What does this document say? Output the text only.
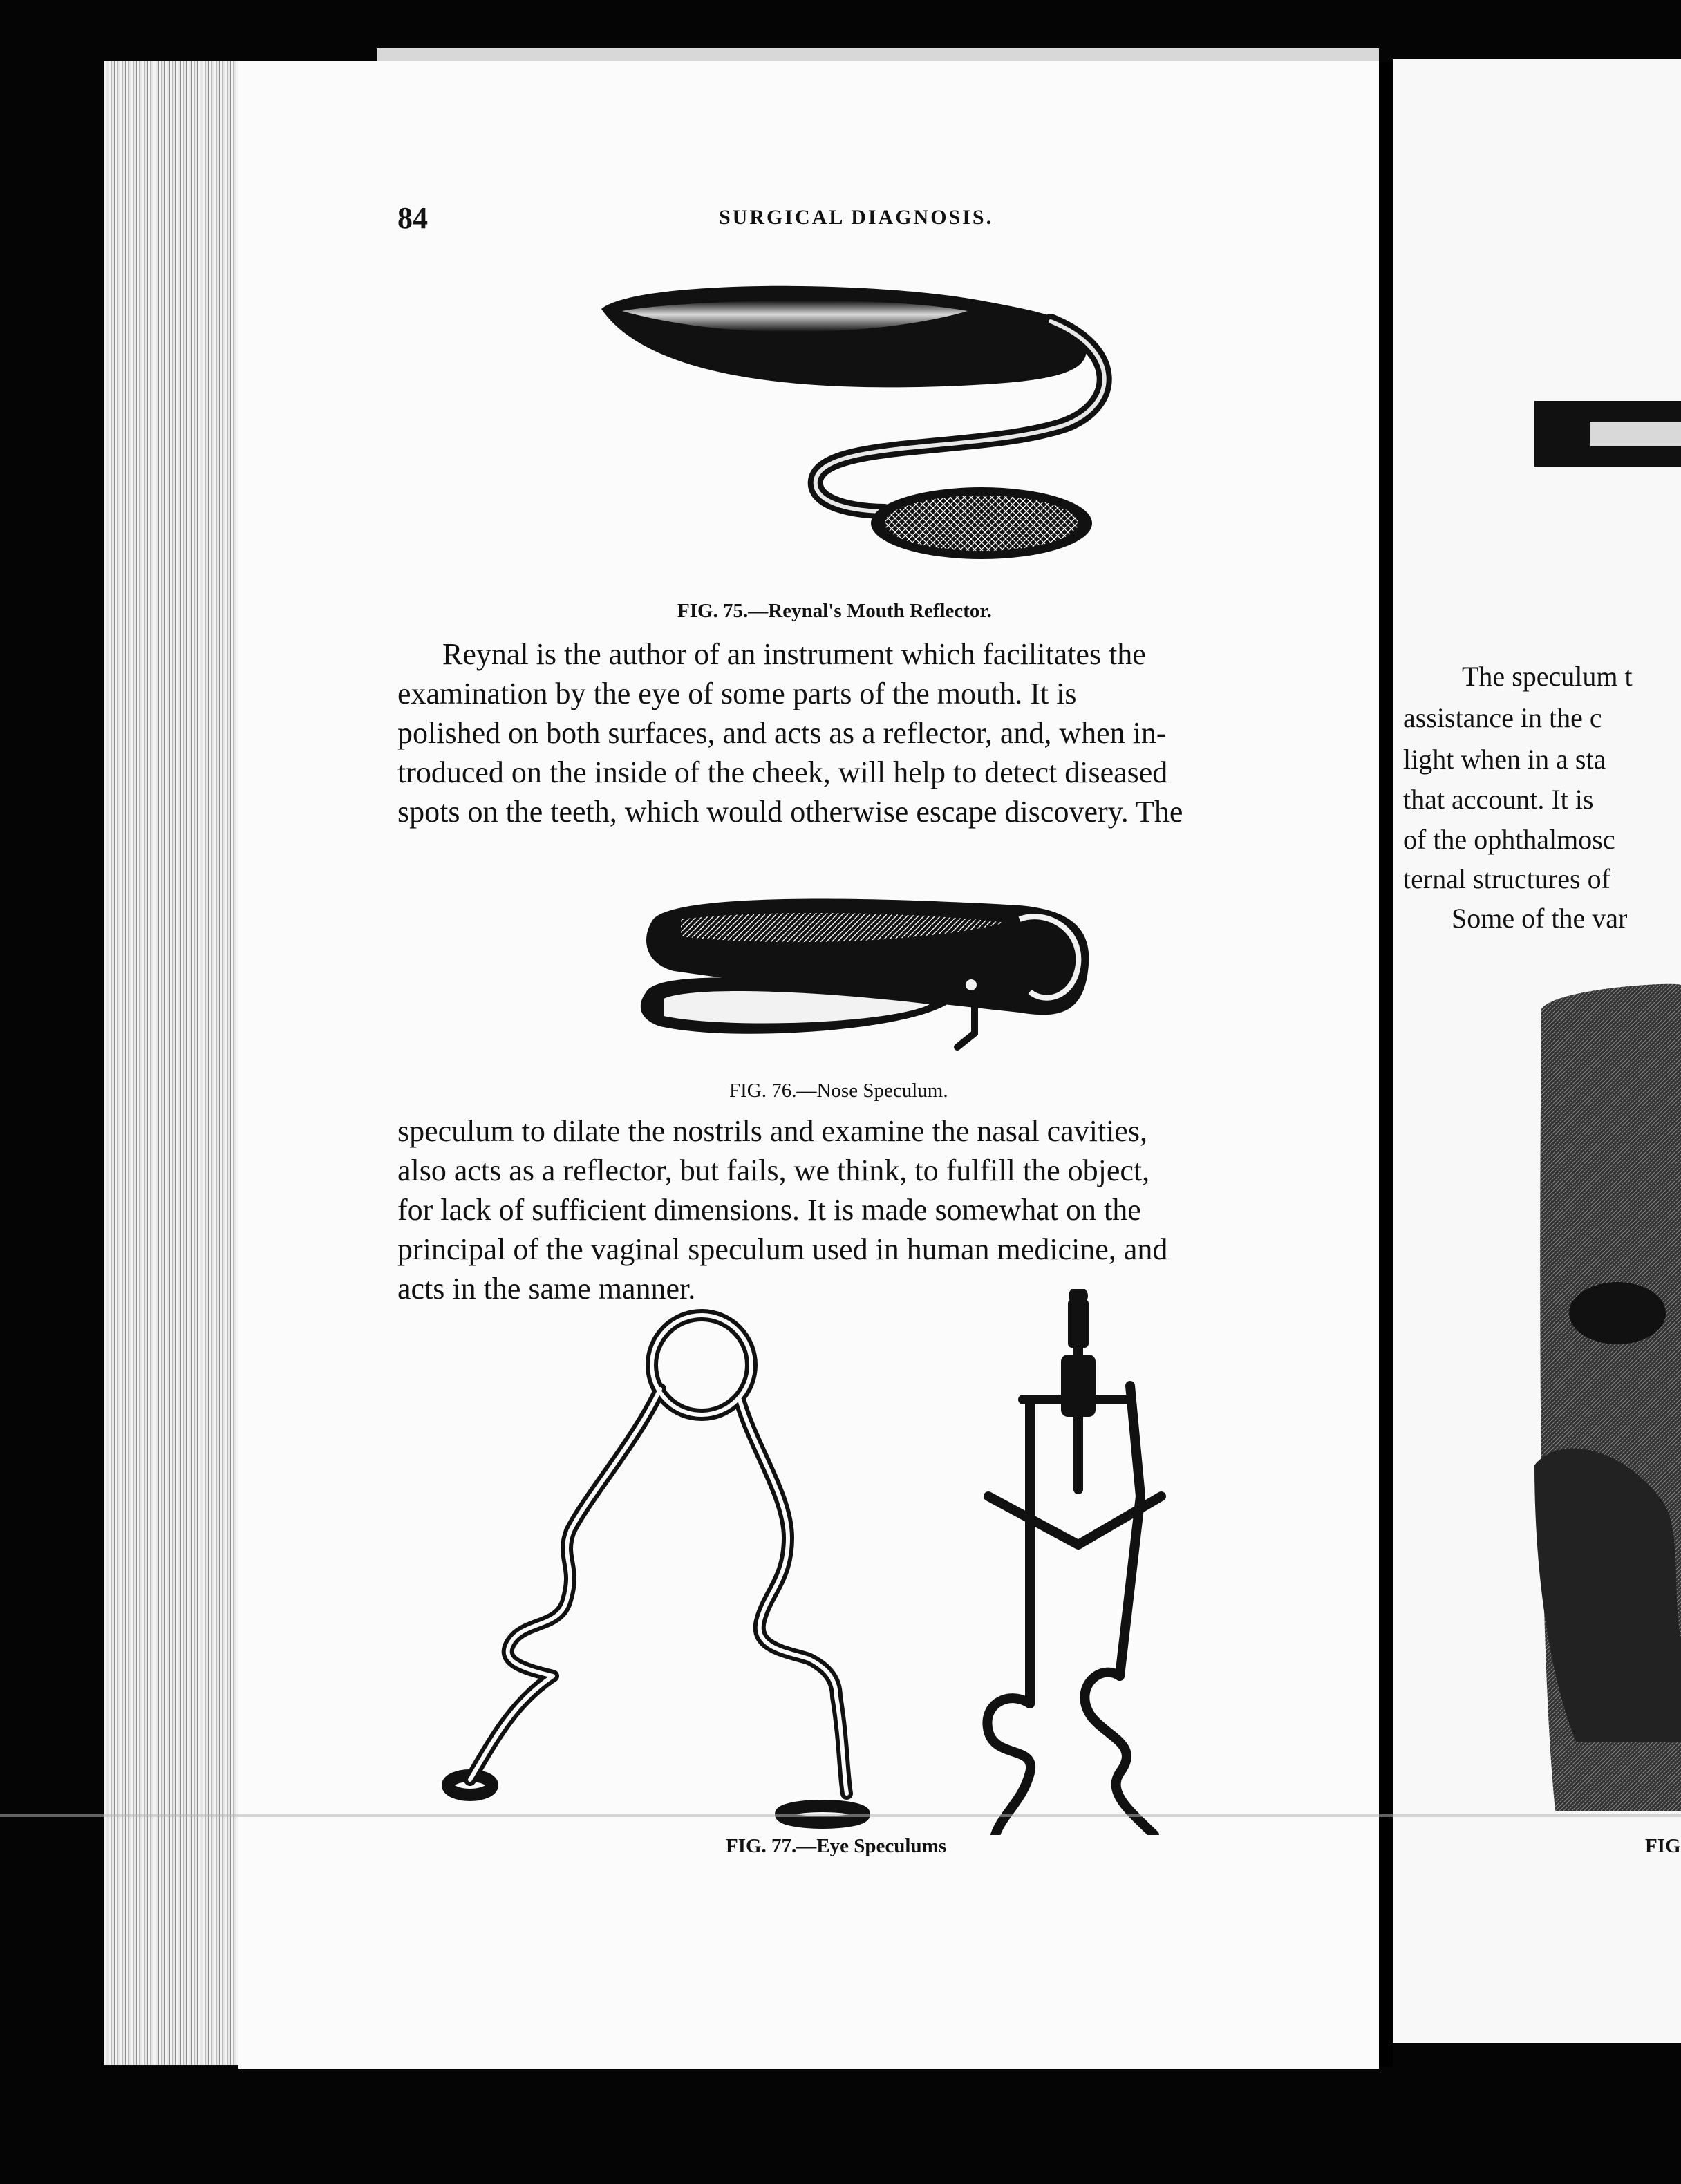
84	SURGICAL DIAGNOSIS.
FIG. 75.—Reynal's Mouth Reflector.
Reynal is the author of an instrument which facilitates the
examination by the eye of some parts of the mouth. It is
polished on both surfaces, and acts as a reflector, and, when in-
troduced on the inside of the cheek, will help to detect diseased
spots on the teeth, which would otherwise escape discovery. The
FIG. 76.—Nose Speculum.
speculum to dilate the nostrils and examine the nasal cavities,
also acts as a reflector, but fails, we think, to fulfill the object,
for lack of sufficient dimensions. It is made somewhat on the
principal of the vaginal speculum used in human medicine, and
acts in the same manner.
FIG. 77.—Eye Speculums
The speculum t
assistance in the c
light when in a sta
that account. It is
of the ophthalmosc
ternal structures of
Some of the var
FIG
